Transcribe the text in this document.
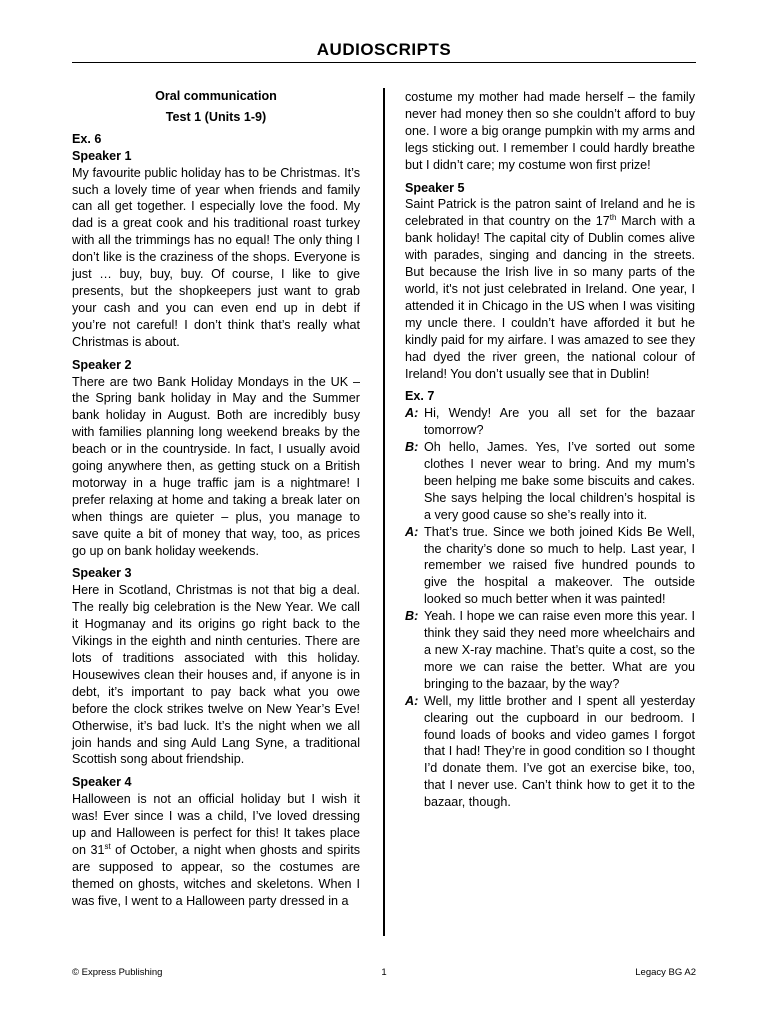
AUDIOSCRIPTS

Oral communication

Test 1 (Units 1-9)

Ex. 6

Speaker 1

My favourite public holiday has to be Christmas. It’s such a lovely time of year when friends and family can all get together. I especially love the food. My dad is a great cook and his traditional roast turkey with all the trimmings has no equal! The only thing I don’t like is the craziness of the shops. Everyone is just … buy, buy, buy. Of course, I like to give presents, but the shopkeepers just want to grab your cash and you can even end up in debt if you’re not careful! I don’t think that’s really what Christmas is about.

Speaker 2

There are two Bank Holiday Mondays in the UK – the Spring bank holiday in May and the Summer bank holiday in August. Both are incredibly busy with families planning long weekend breaks by the beach or in the countryside. In fact, I usually avoid going anywhere then, as getting stuck on a British motorway in a huge traffic jam is a nightmare! I prefer relaxing at home and taking a break later on when things are quieter – plus, you manage to save quite a bit of money that way, too, as prices go up on bank holiday weekends.

Speaker 3

Here in Scotland, Christmas is not that big a deal. The really big celebration is the New Year. We call it Hogmanay and its origins go right back to the Vikings in the eighth and ninth centuries. There are lots of traditions associated with this holiday. Housewives clean their houses and, if anyone is in debt, it’s important to pay back what you owe before the clock strikes twelve on New Year’s Eve! Otherwise, it’s bad luck. It’s the night when we all join hands and sing Auld Lang Syne, a traditional Scottish song about friendship.

Speaker 4

Halloween is not an official holiday but I wish it was! Ever since I was a child, I’ve loved dressing up and Halloween is perfect for this! It takes place on 31st of October, a night when ghosts and spirits are supposed to appear, so the costumes are themed on ghosts, witches and skeletons. When I was five, I went to a Halloween party dressed in a

costume my mother had made herself – the family never had money then so she couldn’t afford to buy one. I wore a big orange pumpkin with my arms and legs sticking out. I remember I could hardly breathe but I didn’t care; my costume won first prize!

Speaker 5

Saint Patrick is the patron saint of Ireland and he is celebrated in that country on the 17th March with a bank holiday! The capital city of Dublin comes alive with parades, singing and dancing in the streets. But because the Irish live in so many parts of the world, it's not just celebrated in Ireland. One year, I attended it in Chicago in the US when I was visiting my uncle there. I couldn’t have afforded it but he kindly paid for my airfare. I was amazed to see they had dyed the river green, the national colour of Ireland! You don’t usually see that in Dublin!

Ex. 7

A: Hi, Wendy! Are you all set for the bazaar tomorrow?
B: Oh hello, James. Yes, I’ve sorted out some clothes I never wear to bring. And my mum’s been helping me bake some biscuits and cakes. She says helping the local children’s hospital is a very good cause so she’s really into it.
A: That’s true. Since we both joined Kids Be Well, the charity’s done so much to help. Last year, I remember we raised five hundred pounds to give the hospital a makeover. The outside looked so much better when it was painted!
B: Yeah. I hope we can raise even more this year. I think they said they need more wheelchairs and a new X-ray machine. That’s quite a cost, so the more we can raise the better. What are you bringing to the bazaar, by the way?
A: Well, my little brother and I spent all yesterday clearing out the cupboard in our bedroom. I found loads of books and video games I forgot that I had! They’re in good condition so I thought I’d donate them. I’ve got an exercise bike, too, that I never use. Can’t think how to get it to the bazaar, though.
© Express Publishing	1	Legacy BG A2
